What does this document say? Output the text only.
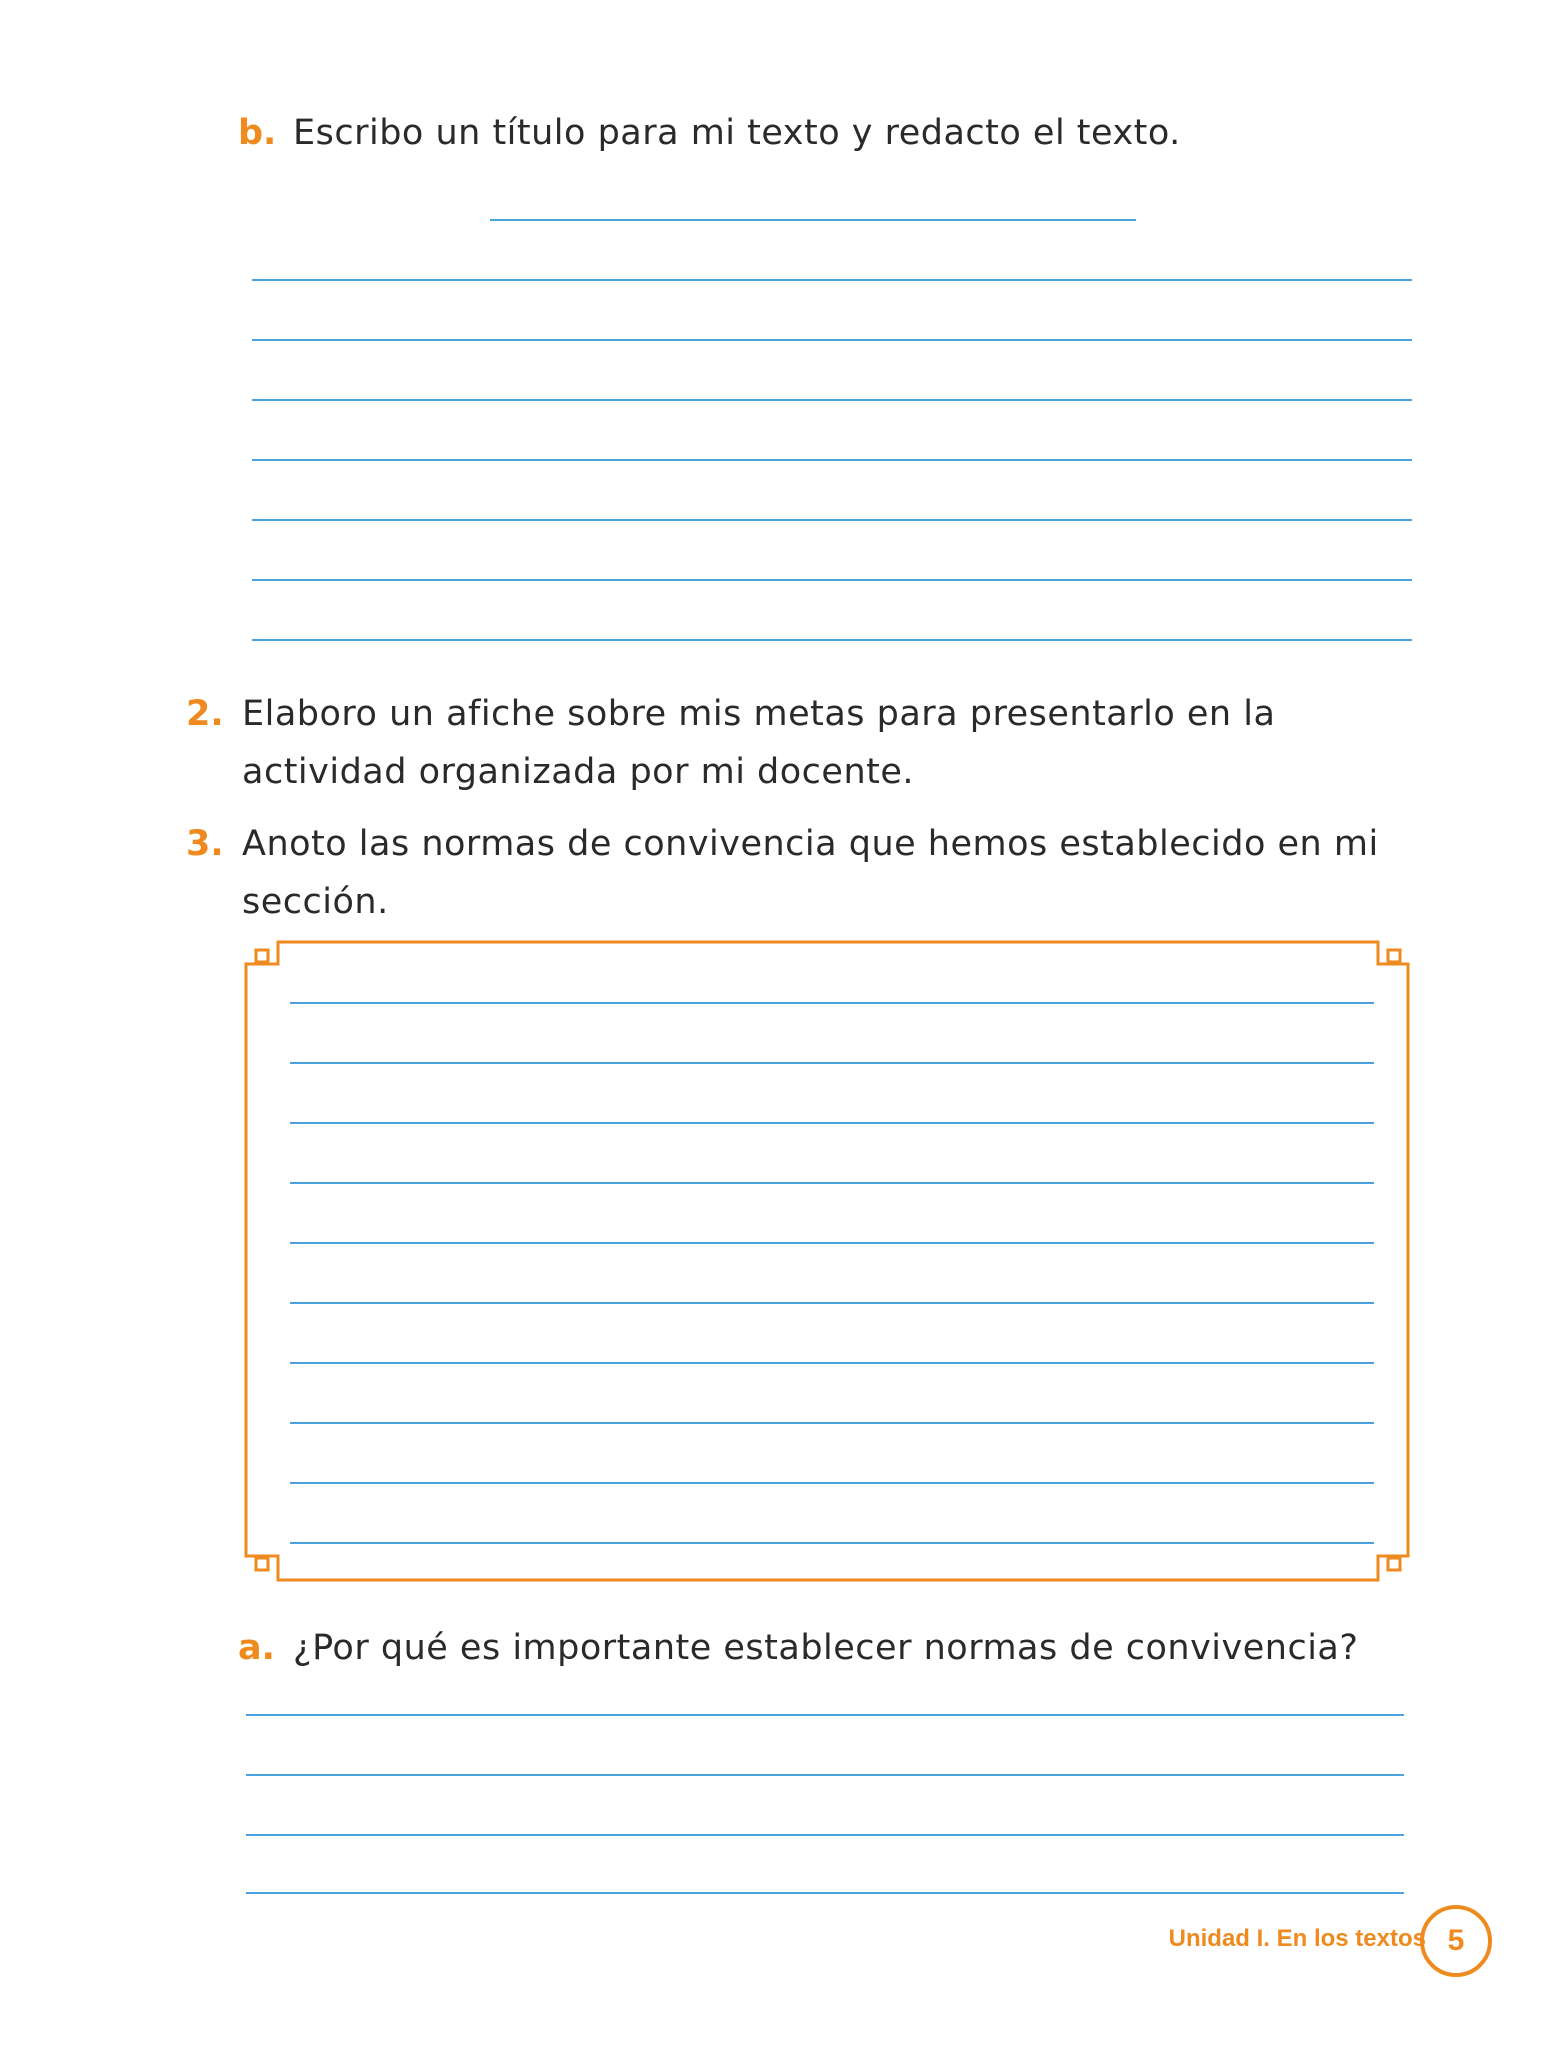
b. Escribo un título para mi texto y redacto el texto.
2. Elaboro un afiche sobre mis metas para presentarlo en la
actividad organizada por mi docente.
3. Anoto las normas de convivencia que hemos establecido en mi
sección.
a. ¿Por qué es importante establecer normas de convivencia?
Unidad I. En los textos 5
